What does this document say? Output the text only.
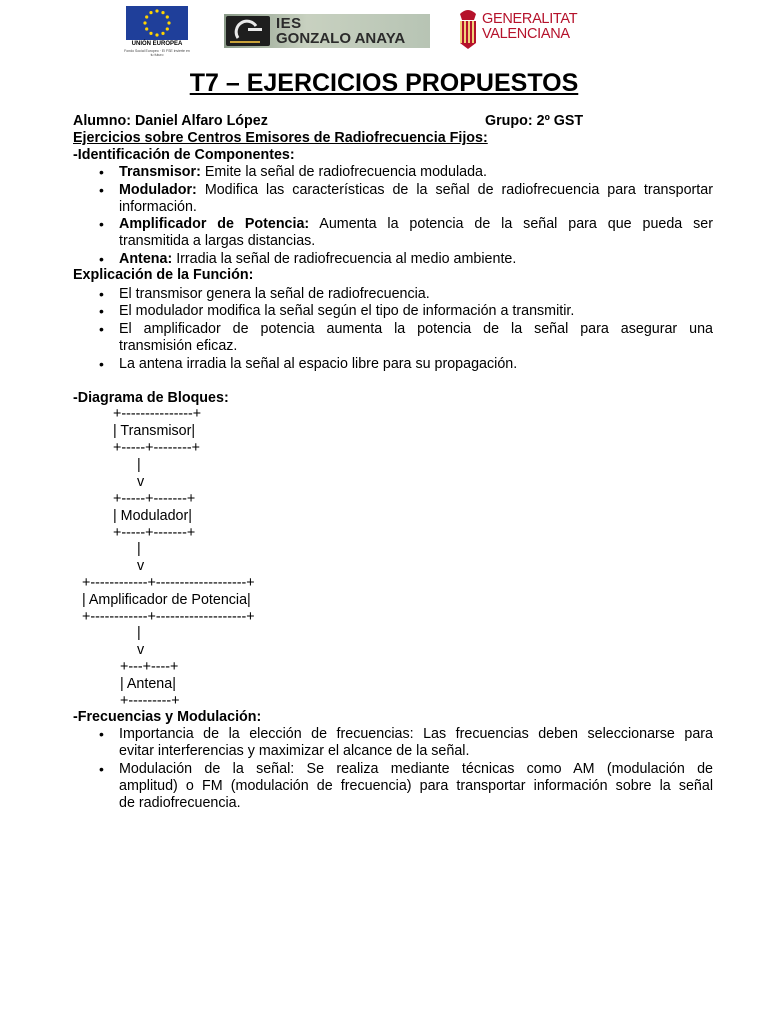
UNIÓN EUROPEA
Fondo Social Europeo · El FSE invierte en tu futuro
IES
GONZALO ANAYA
GENERALITAT
VALENCIANA
T7 – EJERCICIOS PROPUESTOS
Alumno: Daniel Alfaro López	Grupo: 2º GST
Ejercicios sobre Centros Emisores de Radiofrecuencia Fijos:
-Identificación de Componentes:
• Transmisor: Emite la señal de radiofrecuencia modulada.
• Modulador: Modifica las características de la señal de radiofrecuencia para transportar
información.
• Amplificador de Potencia: Aumenta la potencia de la señal para que pueda ser
transmitida a largas distancias.
• Antena: Irradia la señal de radiofrecuencia al medio ambiente.
Explicación de la Función:
• El transmisor genera la señal de radiofrecuencia.
• El modulador modifica la señal según el tipo de información a transmitir.
• El amplificador de potencia aumenta la potencia de la señal para asegurar una
transmisión eficaz.
• La antena irradia la señal al espacio libre para su propagación.
-Diagrama de Bloques:
+---------------+
| Transmisor|
+-----+--------+
|
v
+-----+-------+
| Modulador|
+-----+-------+
|
v
+------------+-------------------+
| Amplificador de Potencia|
+------------+-------------------+
|
v
+---+----+
| Antena|
+---------+
-Frecuencias y Modulación:
• Importancia de la elección de frecuencias: Las frecuencias deben seleccionarse para
evitar interferencias y maximizar el alcance de la señal.
• Modulación de la señal: Se realiza mediante técnicas como AM (modulación de
amplitud) o FM (modulación de frecuencia) para transportar información sobre la señal
de radiofrecuencia.
